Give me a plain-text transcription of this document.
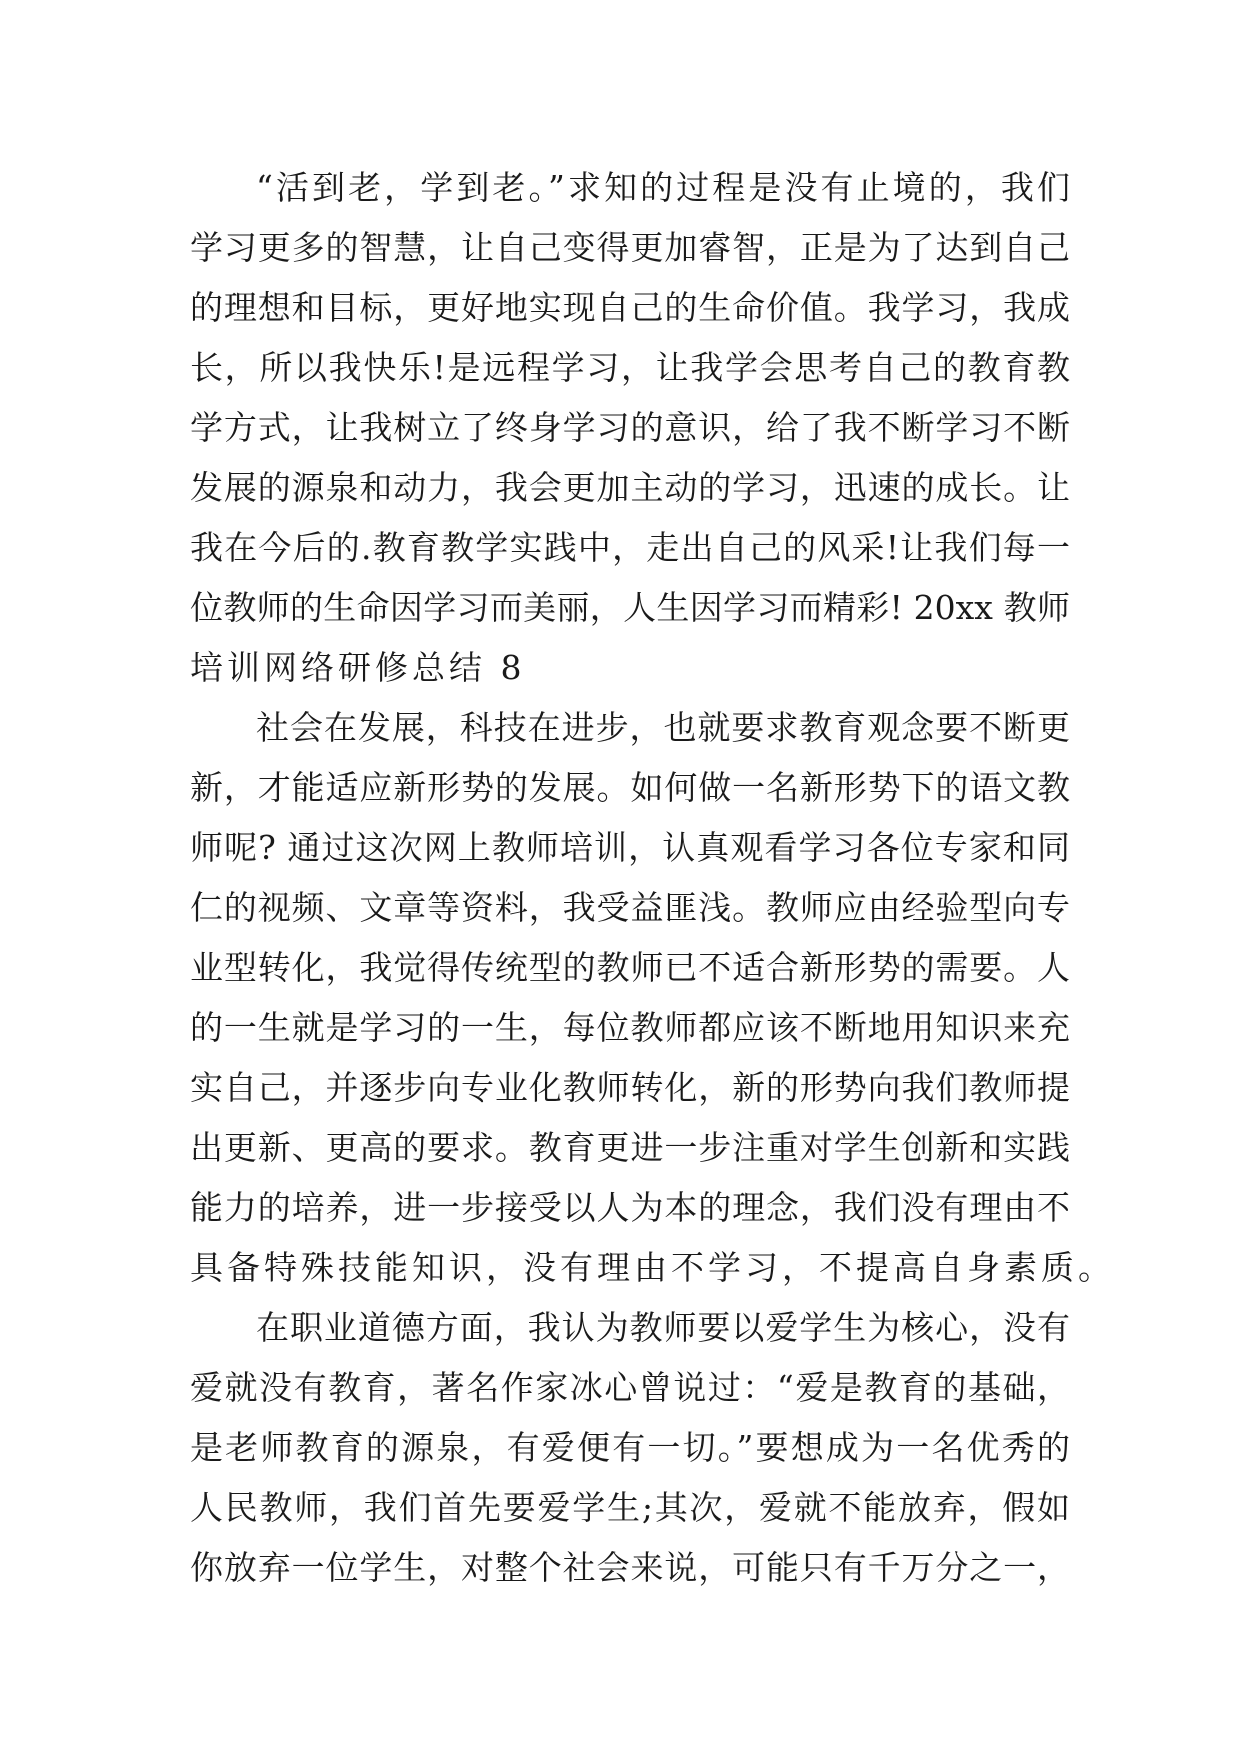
“活到老，学到老。”求知的过程是没有止境的，我们
学习更多的智慧，让自己变得更加睿智，正是为了达到自己
的理想和目标，更好地实现自己的生命价值。我学习，我成
长，所以我快乐!是远程学习，让我学会思考自己的教育教
学方式，让我树立了终身学习的意识，给了我不断学习不断
发展的源泉和动力，我会更加主动的学习，迅速的成长。让
我在今后的.教育教学实践中，走出自己的风采!让我们每一
位教师的生命因学习而美丽，人生因学习而精彩! 20xx 教师
培训网络研修总结 8
社会在发展，科技在进步，也就要求教育观念要不断更
新，才能适应新形势的发展。如何做一名新形势下的语文教
师呢? 通过这次网上教师培训，认真观看学习各位专家和同
仁的视频、文章等资料，我受益匪浅。教师应由经验型向专
业型转化，我觉得传统型的教师已不适合新形势的需要。人
的一生就是学习的一生，每位教师都应该不断地用知识来充
实自己，并逐步向专业化教师转化，新的形势向我们教师提
出更新、更高的要求。教育更进一步注重对学生创新和实践
能力的培养，进一步接受以人为本的理念，我们没有理由不
具备特殊技能知识，没有理由不学习，不提高自身素质。
在职业道德方面，我认为教师要以爱学生为核心，没有
爱就没有教育，著名作家冰心曾说过：“爱是教育的基础，
是老师教育的源泉，有爱便有一切。”要想成为一名优秀的
人民教师，我们首先要爱学生;其次，爱就不能放弃，假如
你放弃一位学生，对整个社会来说，可能只有千万分之一，
